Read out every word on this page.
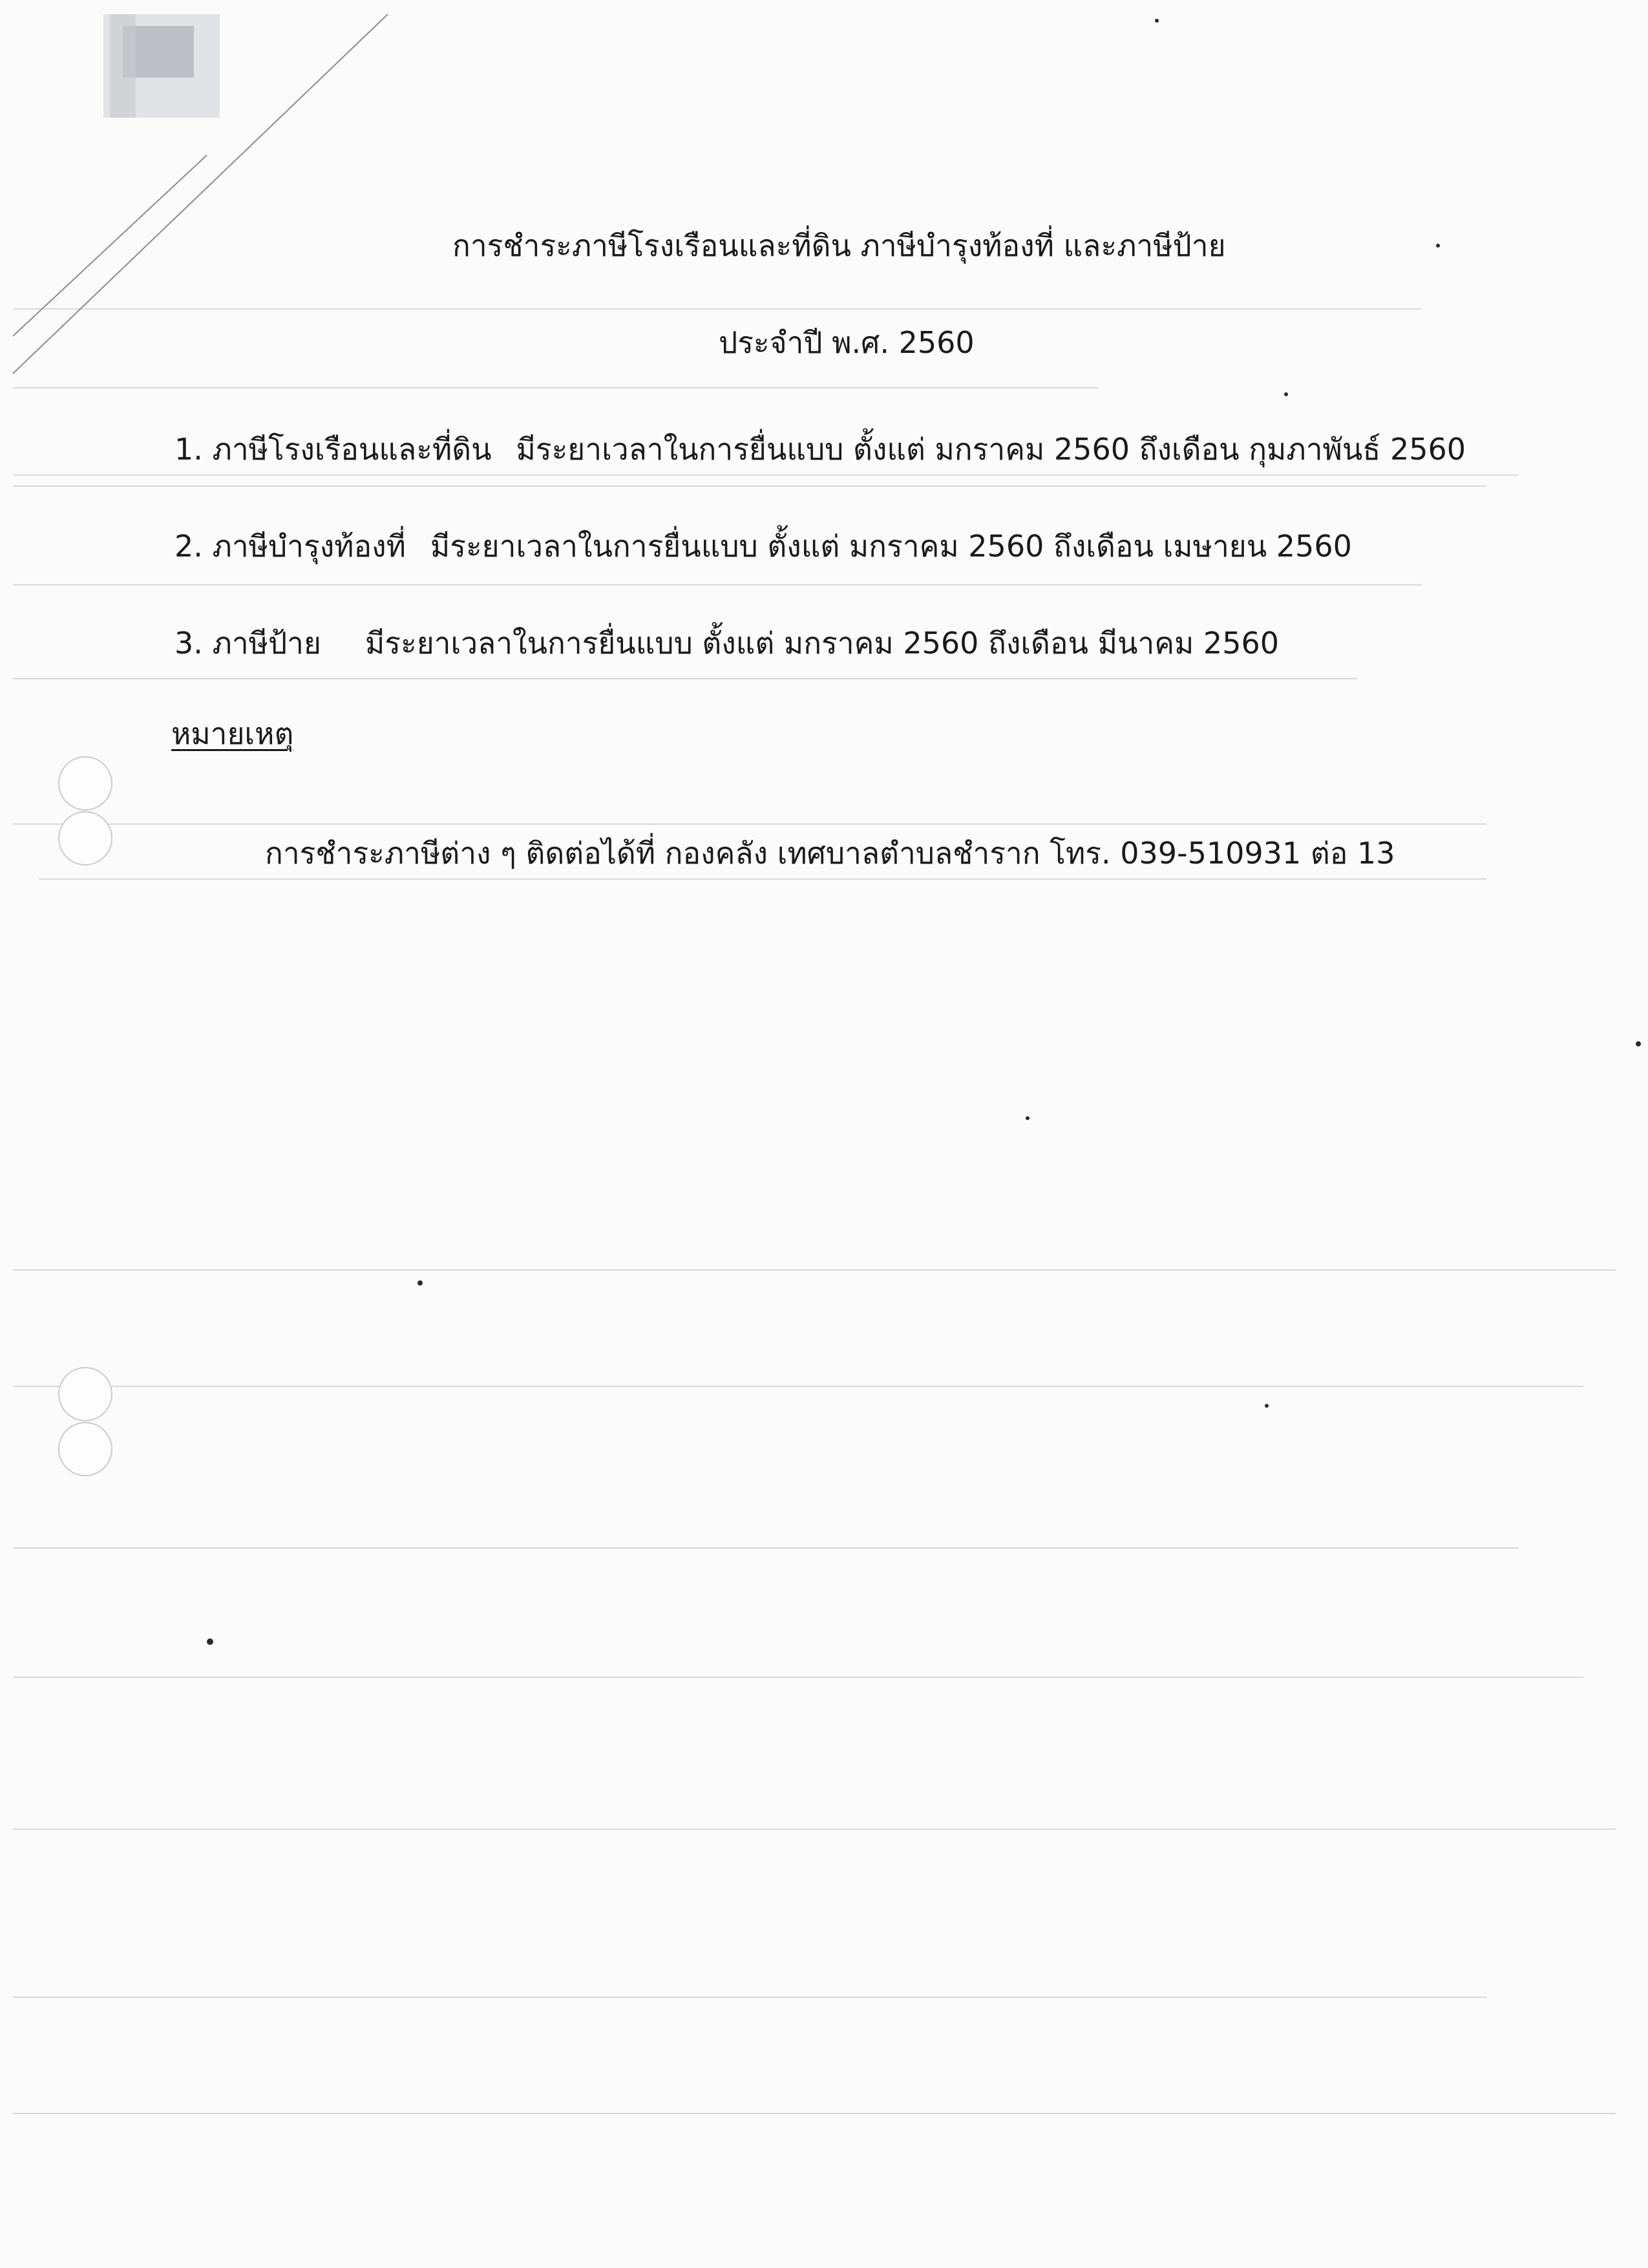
การชำระภาษีโรงเรือนและที่ดิน ภาษีบำรุงท้องที่ และภาษีป้าย
ประจำปี พ.ศ. 2560
1. ภาษีโรงเรือนและที่ดิน มีระยาเวลาในการยื่นแบบ ตั้งแต่ มกราคม 2560 ถึงเดือน กุมภาพันธ์ 2560
2. ภาษีบำรุงท้องที่ มีระยาเวลาในการยื่นแบบ ตั้งแต่ มกราคม 2560 ถึงเดือน เมษายน 2560
3. ภาษีป้าย มีระยาเวลาในการยื่นแบบ ตั้งแต่ มกราคม 2560 ถึงเดือน มีนาคม 2560
หมายเหตุ
การชำระภาษีต่าง ๆ ติดต่อได้ที่ กองคลัง เทศบาลตำบลชำราก โทร. 039-510931 ต่อ 13
